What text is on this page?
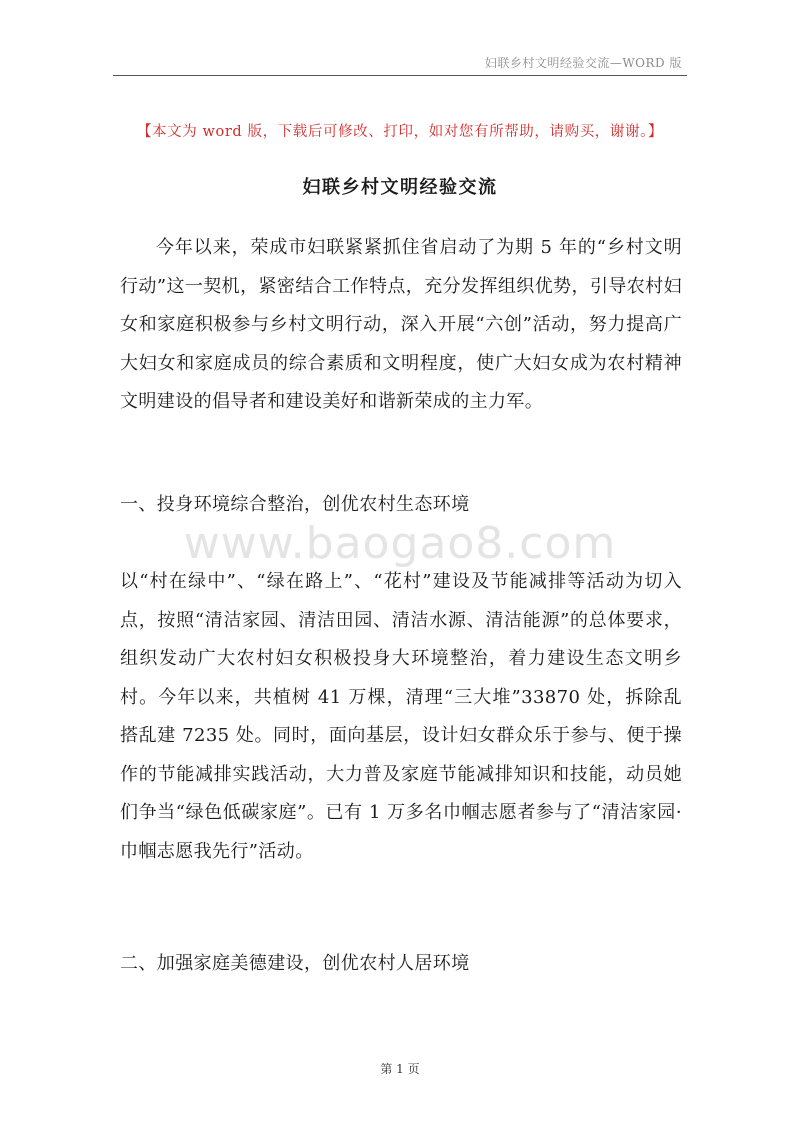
妇联乡村文明经验交流—WORD 版
【本文为 word 版，下载后可修改、打印，如对您有所帮助，请购买，谢谢。】
妇联乡村文明经验交流

今年以来，荣成市妇联紧紧抓住省启动了为期 5 年的“乡村文明行动”这一契机，紧密结合工作特点，充分发挥组织优势，引导农村妇女和家庭积极参与乡村文明行动，深入开展“六创”活动，努力提高广大妇女和家庭成员的综合素质和文明程度，使广大妇女成为农村精神文明建设的倡导者和建设美好和谐新荣成的主力军。

一、投身环境综合整治，创优农村生态环境

www.baogao8.com

以“村在绿中”、“绿在路上”、“花村”建设及节能减排等活动为切入点，按照“清洁家园、清洁田园、清洁水源、清洁能源”的总体要求，组织发动广大农村妇女积极投身大环境整治，着力建设生态文明乡村。今年以来，共植树 41 万棵，清理“三大堆”33870 处，拆除乱搭乱建 7235 处。同时，面向基层，设计妇女群众乐于参与、便于操作的节能减排实践活动，大力普及家庭节能减排知识和技能，动员她们争当“绿色低碳家庭”。已有 1 万多名巾帼志愿者参与了“清洁家园·巾帼志愿我先行”活动。

二、加强家庭美德建设，创优农村人居环境

第 1 页
